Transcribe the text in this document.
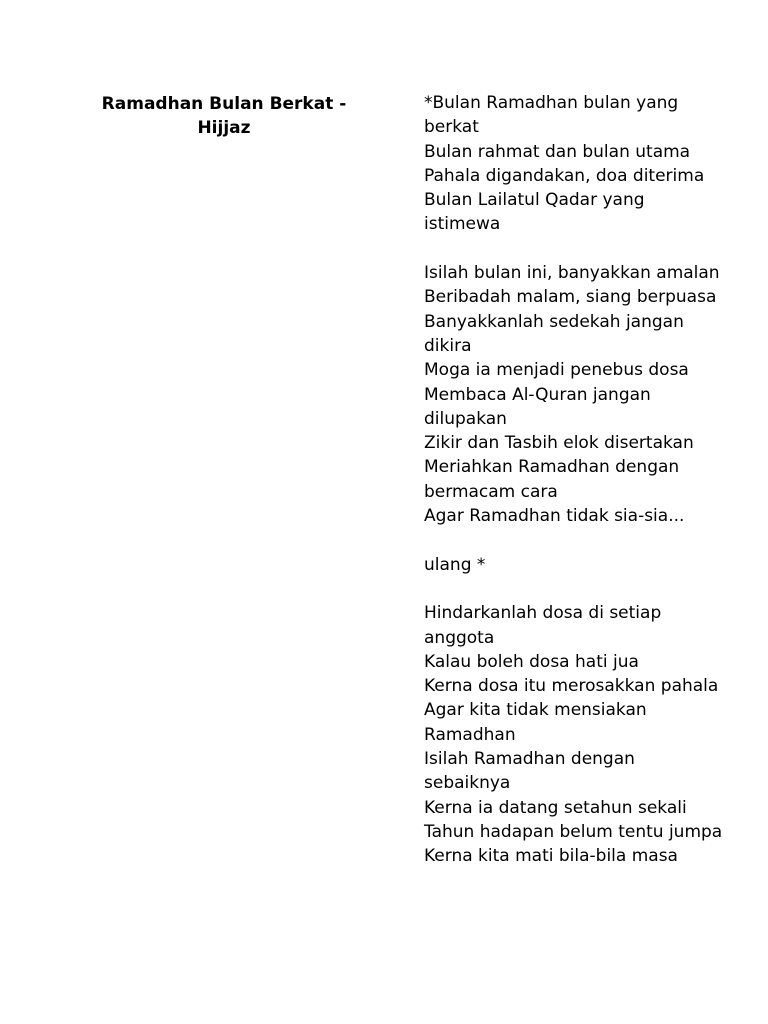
Ramadhan Bulan Berkat -
Hijjaz
*Bulan Ramadhan bulan yang
berkat
Bulan rahmat dan bulan utama
Pahala digandakan, doa diterima
Bulan Lailatul Qadar yang
istimewa
Isilah bulan ini, banyakkan amalan
Beribadah malam, siang berpuasa
Banyakkanlah sedekah jangan
dikira
Moga ia menjadi penebus dosa
Membaca Al-Quran jangan
dilupakan
Zikir dan Tasbih elok disertakan
Meriahkan Ramadhan dengan
bermacam cara
Agar Ramadhan tidak sia-sia...
ulang *
Hindarkanlah dosa di setiap
anggota
Kalau boleh dosa hati jua
Kerna dosa itu merosakkan pahala
Agar kita tidak mensiakan
Ramadhan
Isilah Ramadhan dengan
sebaiknya
Kerna ia datang setahun sekali
Tahun hadapan belum tentu jumpa
Kerna kita mati bila-bila masa
